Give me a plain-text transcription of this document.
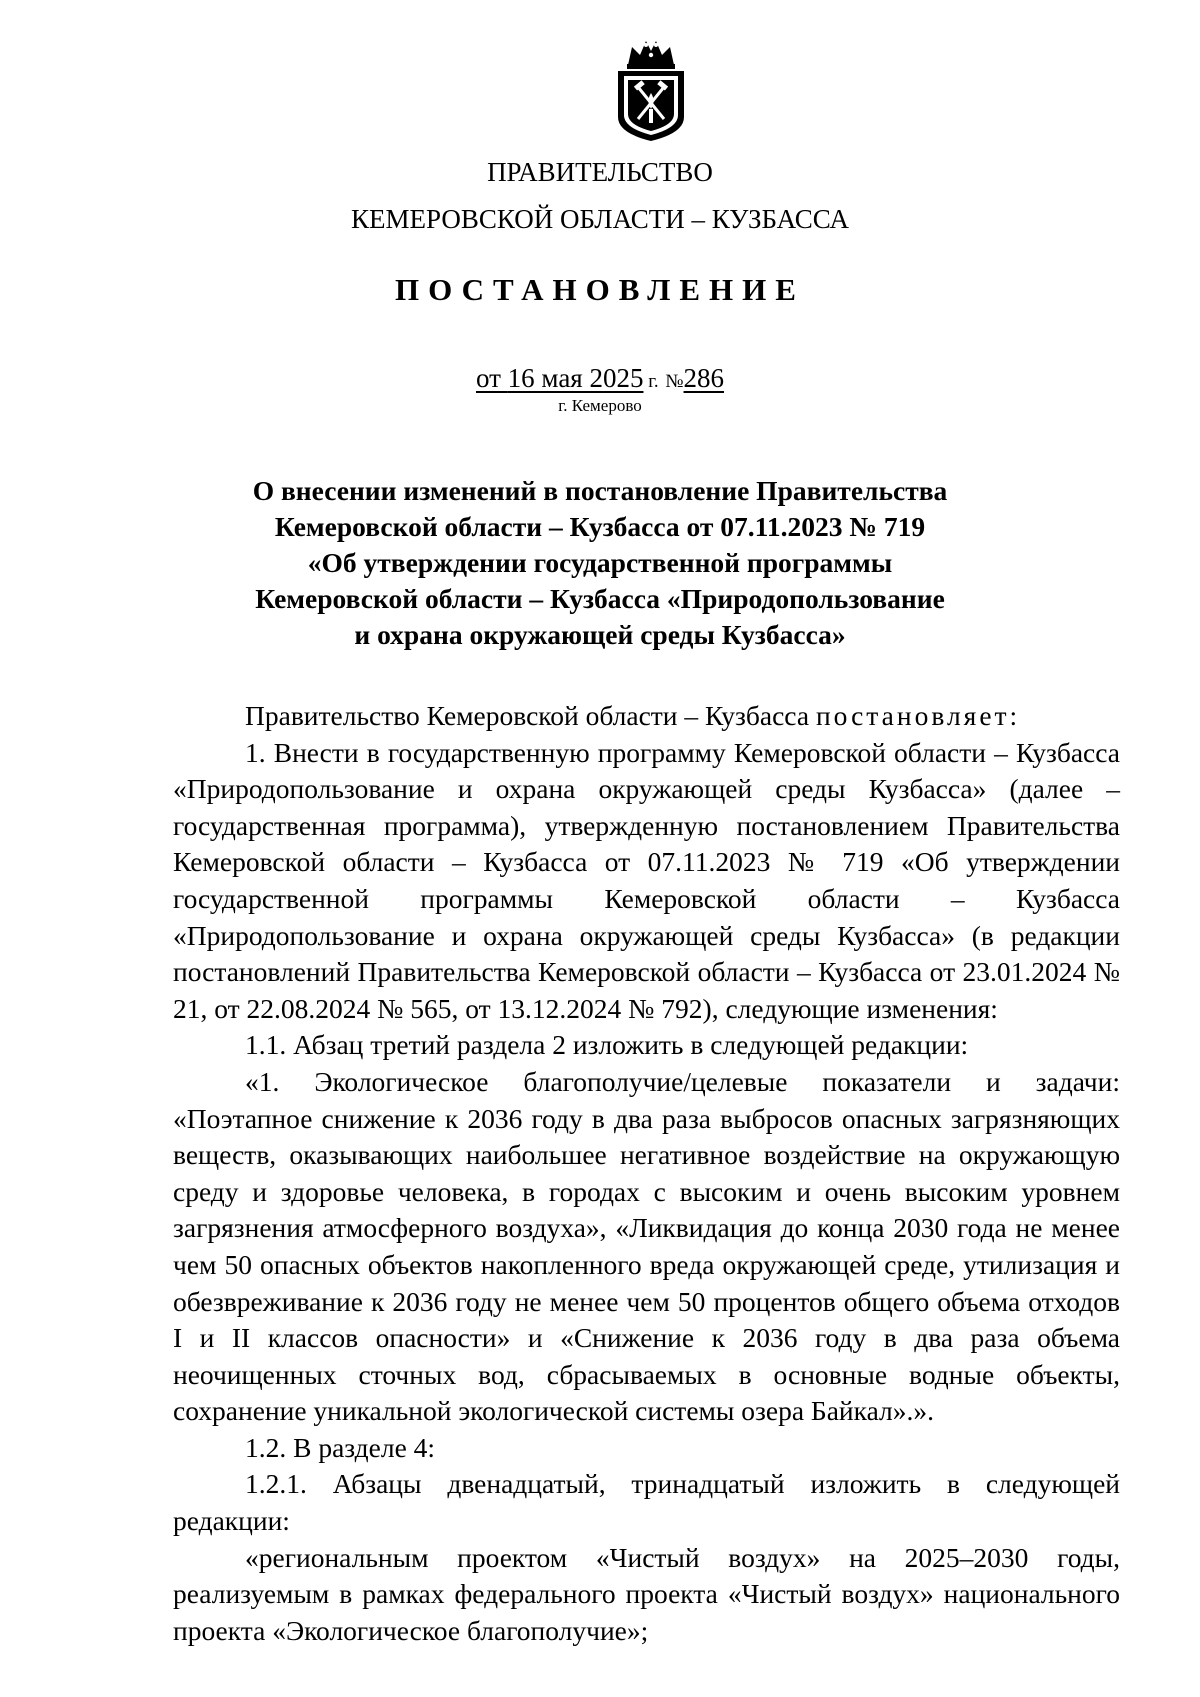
ПРАВИТЕЛЬСТВО
КЕМЕРОВСКОЙ ОБЛАСТИ – КУЗБАССА
ПОСТАНОВЛЕНИЕ
от 16 мая 2025 г. №286
г. Кемерово
О внесении изменений в постановление Правительства
Кемеровской области – Кузбасса от 07.11.2023 № 719
«Об утверждении государственной программы
Кемеровской области – Кузбасса «Природопользование
и охрана окружающей среды Кузбасса»
Правительство Кемеровской области – Кузбасса постановляет:
1. Внести в государственную программу Кемеровской области – Кузбасса «Природопользование и охрана окружающей среды Кузбасса» (далее – государственная программа), утвержденную постановлением Правительства Кемеровской области – Кузбасса от 07.11.2023 № 719 «Об утверждении государственной программы Кемеровской области – Кузбасса «Природопользование и охрана окружающей среды Кузбасса» (в редакции постановлений Правительства Кемеровской области – Кузбасса от 23.01.2024 № 21, от 22.08.2024 № 565, от 13.12.2024 № 792), следующие изменения:
1.1. Абзац третий раздела 2 изложить в следующей редакции:
«1. Экологическое благополучие/целевые показатели и задачи: «Поэтапное снижение к 2036 году в два раза выбросов опасных загрязняющих веществ, оказывающих наибольшее негативное воздействие на окружающую среду и здоровье человека, в городах с высоким и очень высоким уровнем загрязнения атмосферного воздуха», «Ликвидация до конца 2030 года не менее чем 50 опасных объектов накопленного вреда окружающей среде, утилизация и обезвреживание к 2036 году не менее чем 50 процентов общего объема отходов I и II классов опасности» и «Снижение к 2036 году в два раза объема неочищенных сточных вод, сбрасываемых в основные водные объекты, сохранение уникальной экологической системы озера Байкал».».
1.2. В разделе 4:
1.2.1. Абзацы двенадцатый, тринадцатый изложить в следующей редакции:
«региональным проектом «Чистый воздух» на 2025–2030 годы, реализуемым в рамках федерального проекта «Чистый воздух» национального проекта «Экологическое благополучие»;
